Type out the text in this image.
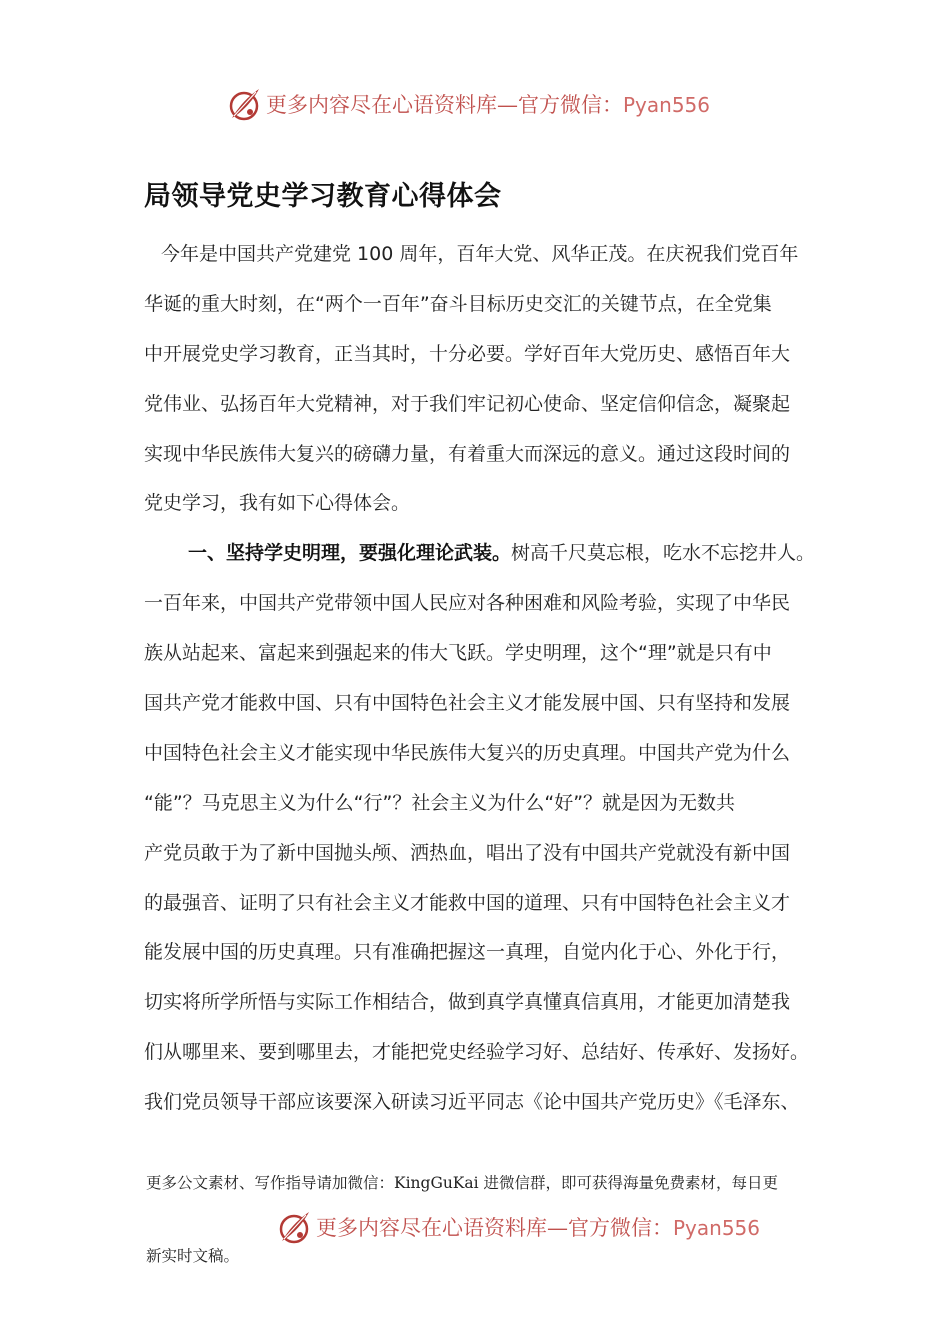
更多内容尽在心语资料库—官方微信：Pyan556
局领导党史学习教育心得体会
今年是中国共产党建党 100 周年，百年大党、风华正茂。在庆祝我们党百年
华诞的重大时刻，在“两个一百年”奋斗目标历史交汇的关键节点，在全党集
中开展党史学习教育，正当其时，十分必要。学好百年大党历史、感悟百年大
党伟业、弘扬百年大党精神，对于我们牢记初心使命、坚定信仰信念，凝聚起
实现中华民族伟大复兴的磅礴力量，有着重大而深远的意义。通过这段时间的
党史学习，我有如下心得体会。
一、坚持学史明理，要强化理论武装。树高千尺莫忘根，吃水不忘挖井人。
一百年来，中国共产党带领中国人民应对各种困难和风险考验，实现了中华民
族从站起来、富起来到强起来的伟大飞跃。学史明理，这个“理”就是只有中
国共产党才能救中国、只有中国特色社会主义才能发展中国、只有坚持和发展
中国特色社会主义才能实现中华民族伟大复兴的历史真理。中国共产党为什么
“能”？马克思主义为什么“行”？社会主义为什么“好”？就是因为无数共
产党员敢于为了新中国抛头颅、洒热血，唱出了没有中国共产党就没有新中国
的最强音、证明了只有社会主义才能救中国的道理、只有中国特色社会主义才
能发展中国的历史真理。只有准确把握这一真理，自觉内化于心、外化于行，
切实将所学所悟与实际工作相结合，做到真学真懂真信真用，才能更加清楚我
们从哪里来、要到哪里去，才能把党史经验学习好、总结好、传承好、发扬好。
我们党员领导干部应该要深入研读习近平同志《论中国共产党历史》《毛泽东、
更多公文素材、写作指导请加微信：KingGuKai 进微信群，即可获得海量免费素材，每日更
更多内容尽在心语资料库—官方微信：Pyan556
新实时文稿。
